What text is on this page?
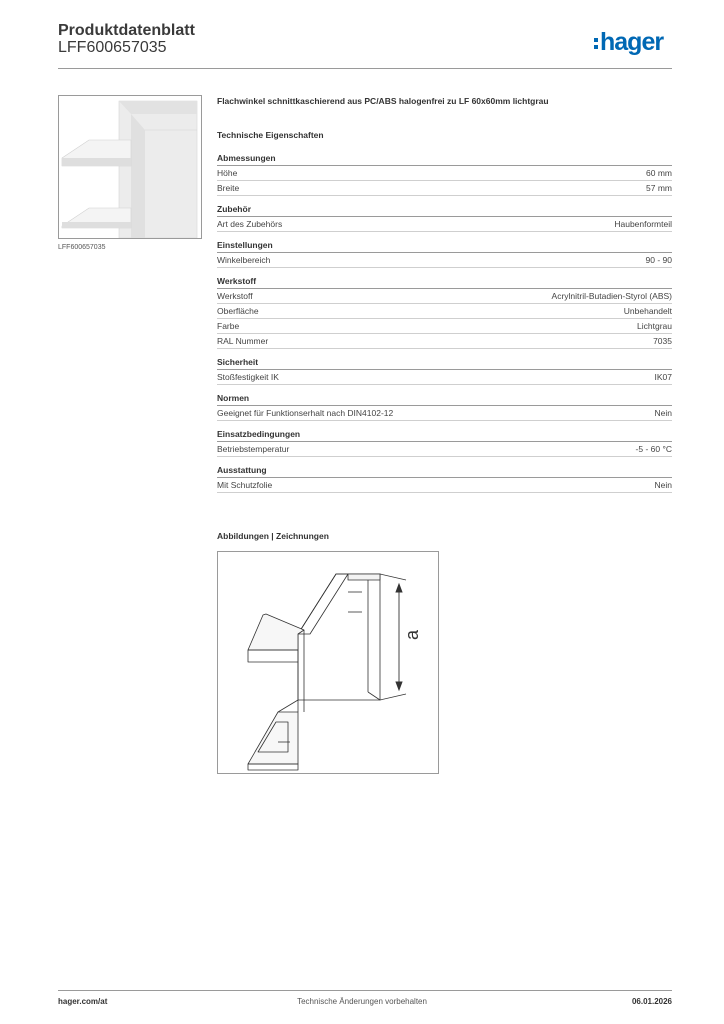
Produktdatenblatt
LFF600657035	hager
LFF600657035
Flachwinkel schnittkaschierend aus PC/ABS halogenfrei zu LF 60x60mm lichtgrau
Technische Eigenschaften
Abmessungen
Höhe	60 mm
Breite	57 mm
Zubehör
Art des Zubehörs	Haubenformteil
Einstellungen
Winkelbereich	90 - 90
Werkstoff
Werkstoff	Acrylnitril-Butadien-Styrol (ABS)
Oberfläche	Unbehandelt
Farbe	Lichtgrau
RAL Nummer	7035
Sicherheit
Stoßfestigkeit IK	IK07
Normen
Geeignet für Funktionserhalt nach DIN4102-12	Nein
Einsatzbedingungen
Betriebstemperatur	-5 - 60 °C
Ausstattung
Mit Schutzfolie	Nein
Abbildungen | Zeichnungen
a
hager.com/at	Technische Änderungen vorbehalten	06.01.2026
